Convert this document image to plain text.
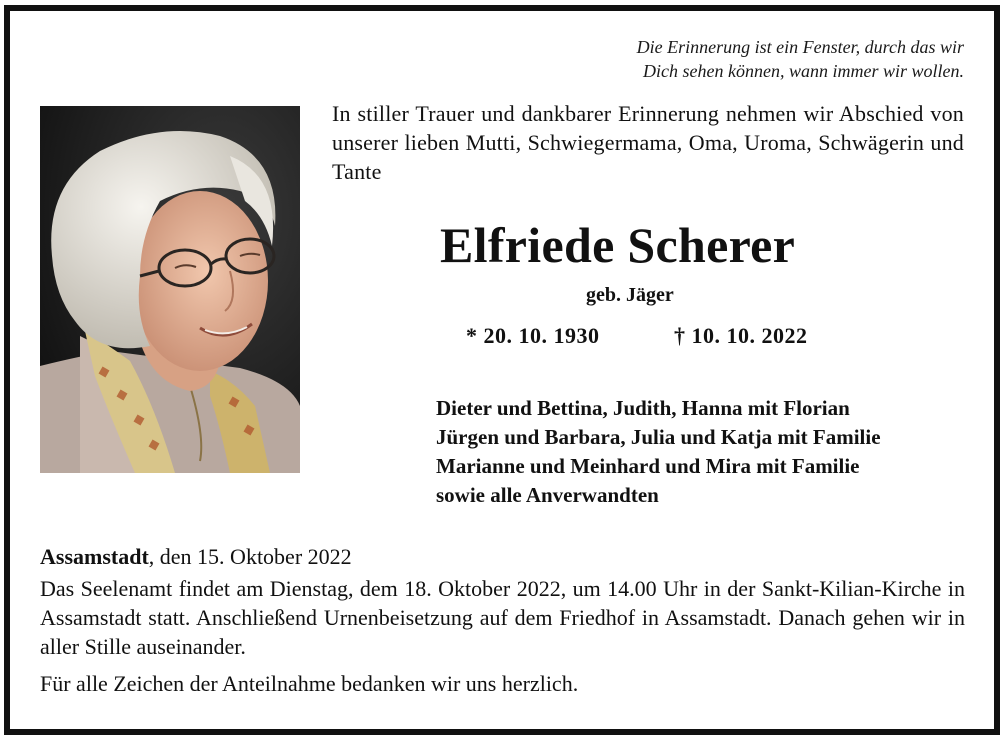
Die Erinnerung ist ein Fenster, durch das wir
Dich sehen können, wann immer wir wollen.
In stiller Trauer und dankbarer Erinnerung nehmen wir Abschied von unserer lieben Mutti, Schwiegermama, Oma, Uroma, Schwägerin und Tante
Elfriede Scherer
geb. Jäger
* 20. 10. 1930	† 10. 10. 2022
Dieter und Bettina, Judith, Hanna mit Florian
Jürgen und Barbara, Julia und Katja mit Familie
Marianne und Meinhard und Mira mit Familie
sowie alle Anverwandten
Assamstadt, den 15. Oktober 2022
Das Seelenamt findet am Dienstag, dem 18. Oktober 2022, um 14.00 Uhr in der Sankt-Kilian-Kirche in Assamstadt statt. Anschließend Urnenbeisetzung auf dem Friedhof in Assamstadt. Danach gehen wir in aller Stille auseinander.
Für alle Zeichen der Anteilnahme bedanken wir uns herzlich.
